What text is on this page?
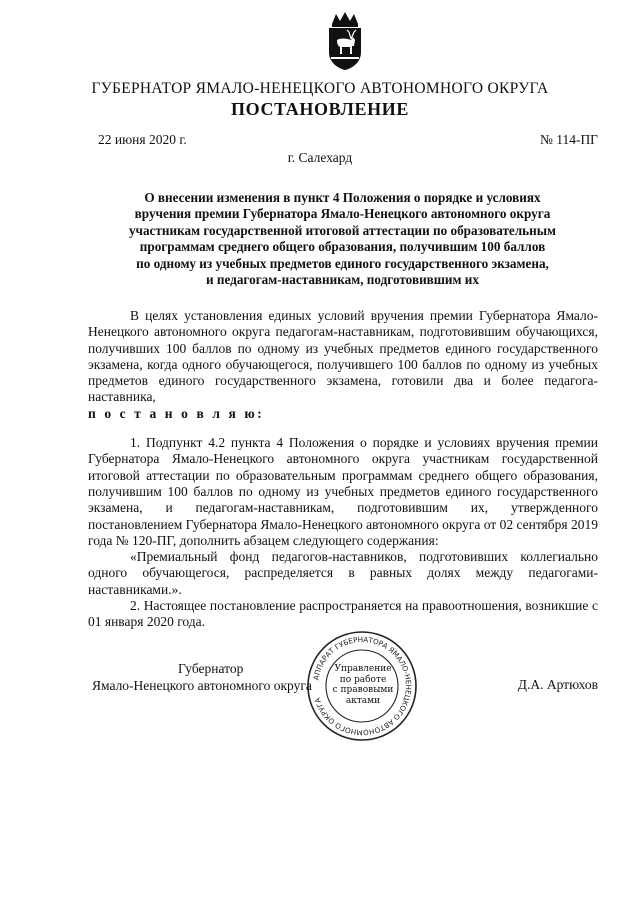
ГУБЕРНАТОР ЯМАЛО-НЕНЕЦКОГО АВТОНОМНОГО ОКРУГА
ПОСТАНОВЛЕНИЕ
22 июня 2020 г.	№ 114-ПГ
г. Салехард
О внесении изменения в пункт 4 Положения о порядке и условиях
вручения премии Губернатора Ямало-Ненецкого автономного округа
участникам государственной итоговой аттестации по образовательным
программам среднего общего образования, получившим 100 баллов
по одному из учебных предметов единого государственного экзамена,
и педагогам-наставникам, подготовившим их

В целях установления единых условий вручения премии Губернатора Ямало-Ненецкого автономного округа педагогам-наставникам, подготовившим обучающихся, получивших 100 баллов по одному из учебных предметов единого государственного экзамена, когда одного обучающегося, получившего 100 баллов по одному из учебных предметов единого государственного экзамена, готовили два и более педагога-наставника,

п о с т а н о в л я ю:

1. Подпункт 4.2 пункта 4 Положения о порядке и условиях вручения премии Губернатора Ямало-Ненецкого автономного округа участникам государственной итоговой аттестации по образовательным программам среднего общего образования, получившим 100 баллов по одному из учебных предметов единого государственного экзамена, и педагогам-наставникам, подготовившим их, утвержденного постановлением Губернатора Ямало-Ненецкого автономного округа от 02 сентября 2019 года № 120-ПГ, дополнить абзацем следующего содержания:

«Премиальный фонд педагогов-наставников, подготовивших коллегиально одного обучающегося, распределяется в равных долях между педагогами-наставниками.».

2. Настоящее постановление распространяется на правоотношения, возникшие с 01 января 2020 года.

Губернатор
Ямало-Ненецкого автономного округа	Д.А. Артюхов
АППАРАТ ГУБЕРНАТОРА ЯМАЛО-НЕНЕЦКОГО АВТОНОМНОГО ОКРУГА
Управление
по работе
с правовыми
актами
